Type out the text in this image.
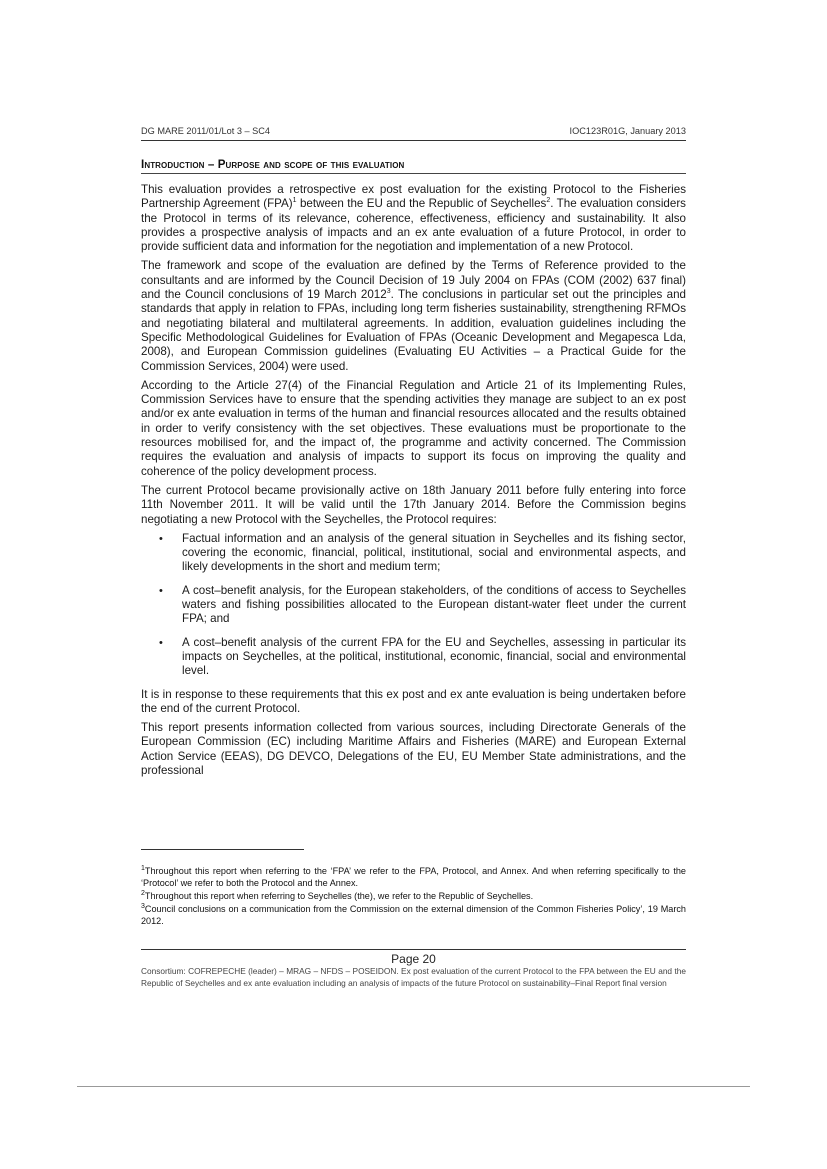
DG MARE 2011/01/Lot 3 – SC4	IOC123R01G, January 2013
Introduction – Purpose and scope of this evaluation

This evaluation provides a retrospective ex post evaluation for the existing Protocol to the Fisheries Partnership Agreement (FPA)$^1$ between the EU and the Republic of Seychelles$^2$. The evaluation considers the Protocol in terms of its relevance, coherence, effectiveness, efficiency and sustainability. It also provides a prospective analysis of impacts and an ex ante evaluation of a future Protocol, in order to provide sufficient data and information for the negotiation and implementation of a new Protocol.

The framework and scope of the evaluation are defined by the Terms of Reference provided to the consultants and are informed by the Council Decision of 19 July 2004 on FPAs (COM (2002) 637 final) and the Council conclusions of 19 March 2012$^3$. The conclusions in particular set out the principles and standards that apply in relation to FPAs, including long term fisheries sustainability, strengthening RFMOs and negotiating bilateral and multilateral agreements. In addition, evaluation guidelines including the Specific Methodological Guidelines for Evaluation of FPAs (Oceanic Development and Megapesca Lda, 2008), and European Commission guidelines (Evaluating EU Activities – a Practical Guide for the Commission Services, 2004) were used.

According to the Article 27(4) of the Financial Regulation and Article 21 of its Implementing Rules, Commission Services have to ensure that the spending activities they manage are subject to an ex post and/or ex ante evaluation in terms of the human and financial resources allocated and the results obtained in order to verify consistency with the set objectives. These evaluations must be proportionate to the resources mobilised for, and the impact of, the programme and activity concerned. The Commission requires the evaluation and analysis of impacts to support its focus on improving the quality and coherence of the policy development process.

The current Protocol became provisionally active on 18th January 2011 before fully entering into force 11th November 2011. It will be valid until the 17th January 2014. Before the Commission begins negotiating a new Protocol with the Seychelles, the Protocol requires:

• Factual information and an analysis of the general situation in Seychelles and its fishing sector, covering the economic, financial, political, institutional, social and environmental aspects, and likely developments in the short and medium term;
• A cost–benefit analysis, for the European stakeholders, of the conditions of access to Seychelles waters and fishing possibilities allocated to the European distant-water fleet under the current FPA; and
• A cost–benefit analysis of the current FPA for the EU and Seychelles, assessing in particular its impacts on Seychelles, at the political, institutional, economic, financial, social and environmental level.

It is in response to these requirements that this ex post and ex ante evaluation is being undertaken before the end of the current Protocol.

This report presents information collected from various sources, including Directorate Generals of the European Commission (EC) including Maritime Affairs and Fisheries (MARE) and European External Action Service (EEAS), DG DEVCO, Delegations of the EU, EU Member State administrations, and the professional

$^1$Throughout this report when referring to the ‘FPA’ we refer to the FPA, Protocol, and Annex. And when referring specifically to the ‘Protocol’ we refer to both the Protocol and the Annex.

$^2$Throughout this report when referring to Seychelles (the), we refer to the Republic of Seychelles.

$^3$Council conclusions on a communication from the Commission on the external dimension of the Common Fisheries Policy’, 19 March 2012.

Page 20
Consortium: COFREPECHE (leader) – MRAG – NFDS – POSEIDON. Ex post evaluation of the current Protocol to the FPA between the EU and the Republic of Seychelles and ex ante evaluation including an analysis of impacts of the future Protocol on sustainability–Final Report final version
